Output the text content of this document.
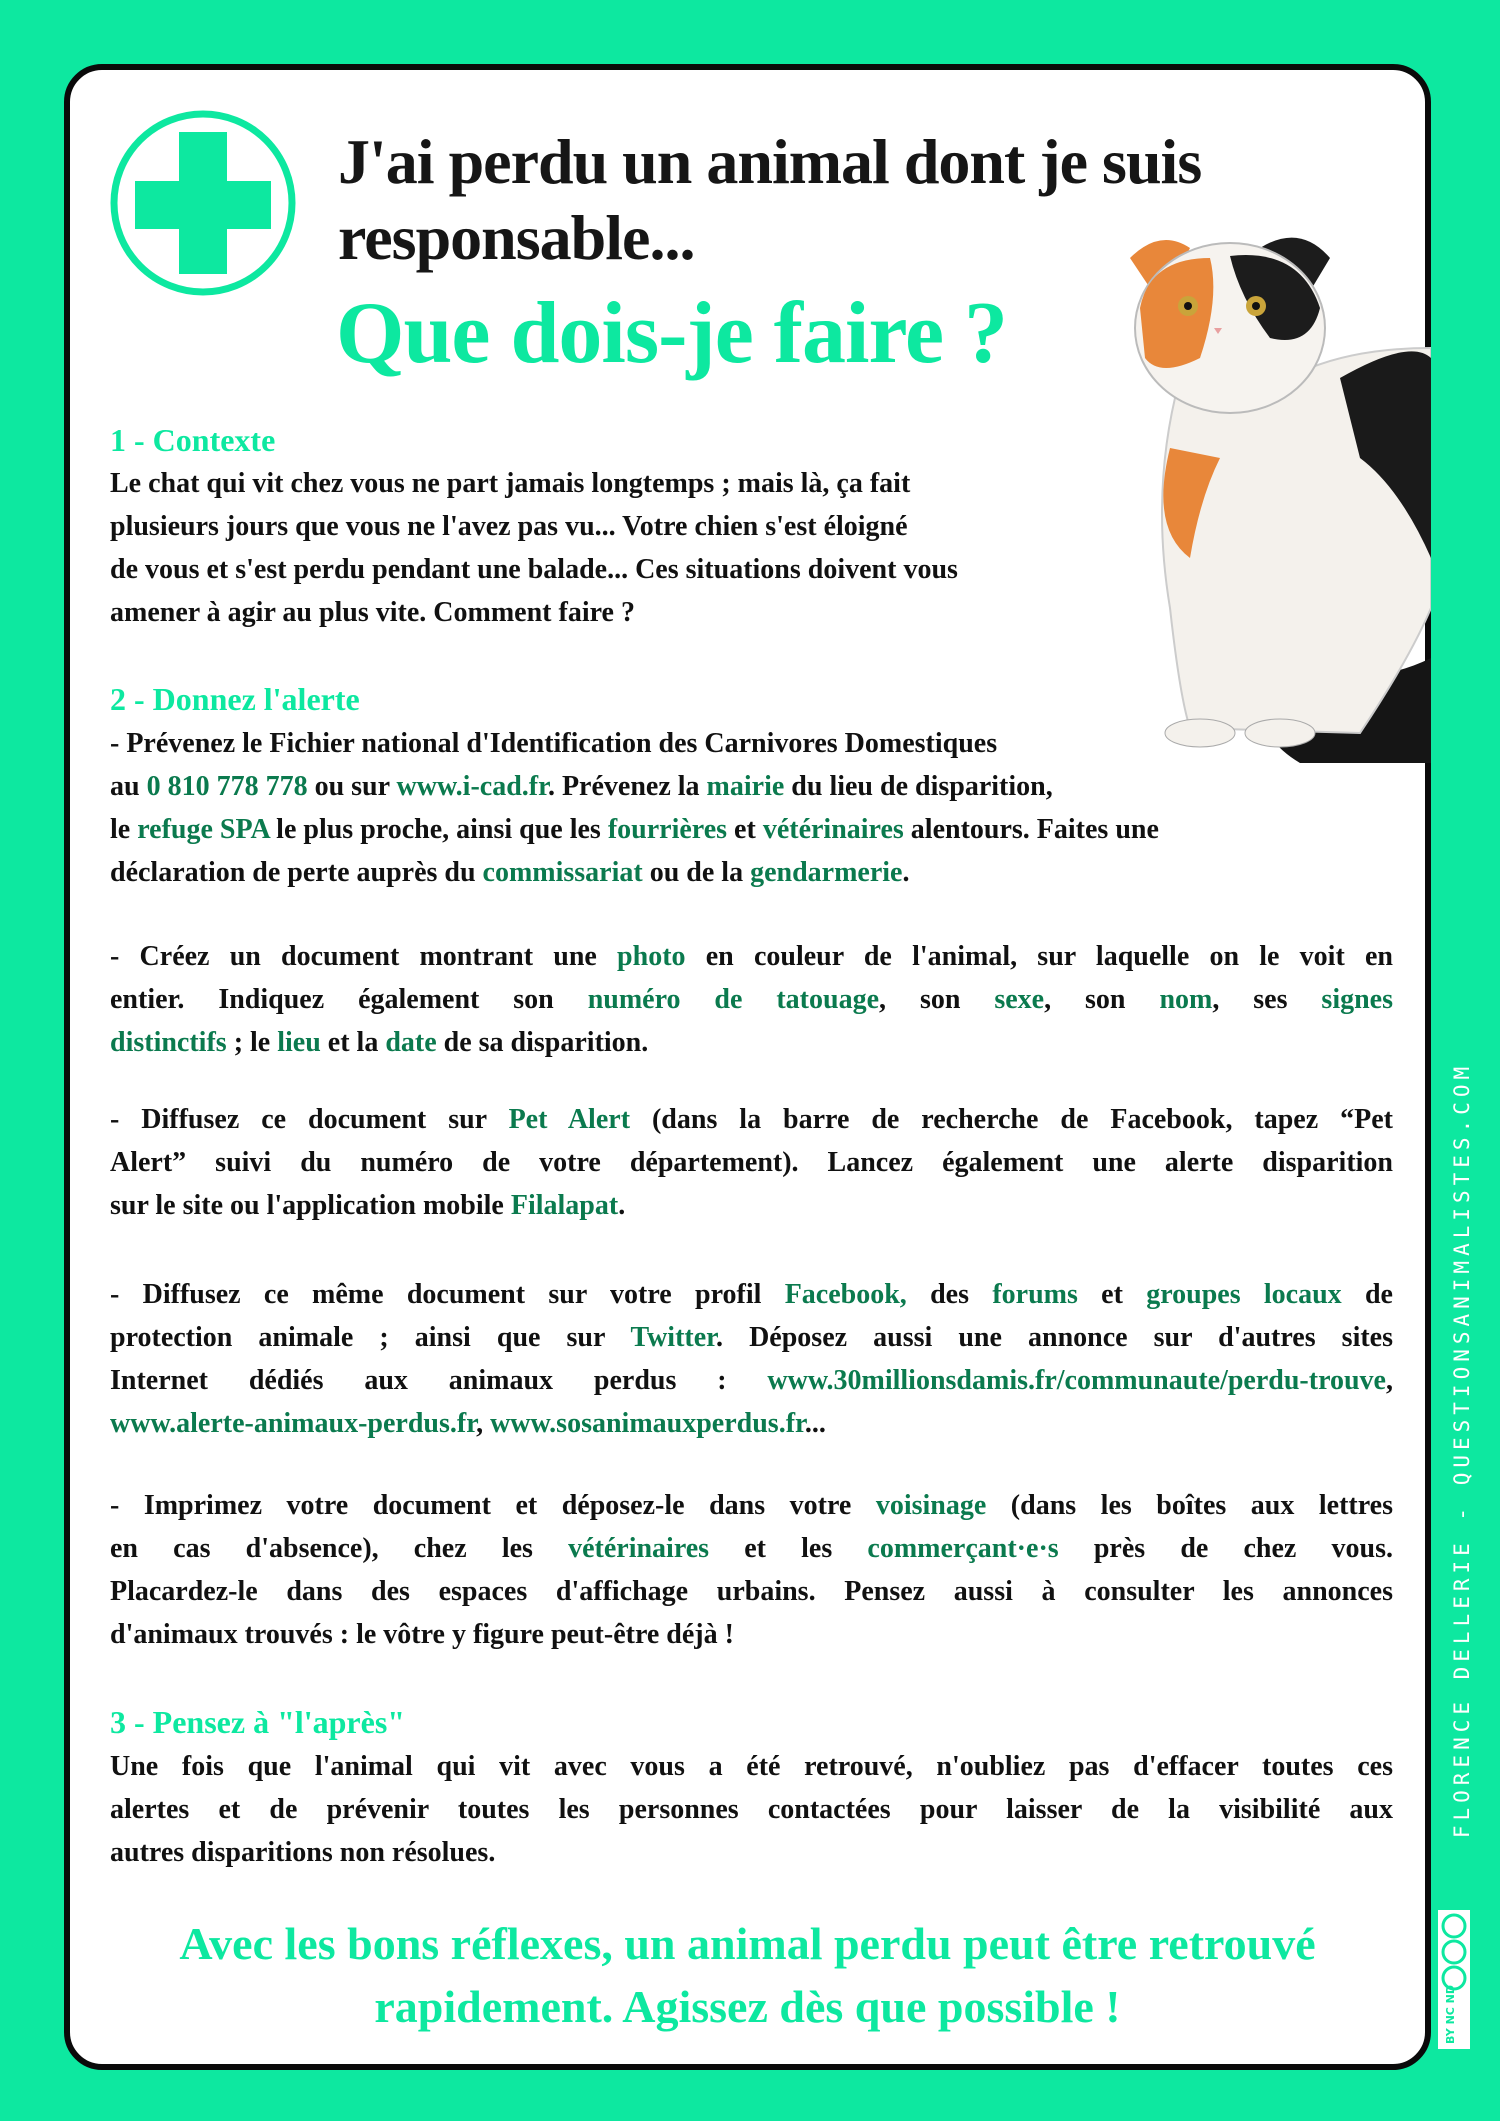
J'ai perdu un animal dont je suis
responsable...
Que dois-je faire ?
1 - Contexte
Le chat qui vit chez vous ne part jamais longtemps ; mais là, ça fait
plusieurs jours que vous ne l'avez pas vu... Votre chien s'est éloigné
de vous et s'est perdu pendant une balade... Ces situations doivent vous
amener à agir au plus vite. Comment faire ?
2 - Donnez l'alerte
- Prévenez le Fichier national d'Identification des Carnivores Domestiques
au 0 810 778 778 ou sur www.i-cad.fr. Prévenez la mairie du lieu de disparition,
le refuge SPA le plus proche, ainsi que les fourrières et vétérinaires alentours. Faites une
déclaration de perte auprès du commissariat ou de la gendarmerie.
- Créez un document montrant une photo en couleur de l'animal, sur laquelle on le voit en
entier. Indiquez également son numéro de tatouage, son sexe, son nom, ses signes
distinctifs ; le lieu et la date de sa disparition.
- Diffusez ce document sur Pet Alert (dans la barre de recherche de Facebook, tapez “Pet
Alert” suivi du numéro de votre département). Lancez également une alerte disparition
sur le site ou l'application mobile Filalapat.
- Diffusez ce même document sur votre profil Facebook, des forums et groupes locaux de
protection animale ; ainsi que sur Twitter. Déposez aussi une annonce sur d'autres sites
Internet dédiés aux animaux perdus : www.30millionsdamis.fr/communaute/perdu-trouve,
www.alerte-animaux-perdus.fr, www.sosanimauxperdus.fr...
- Imprimez votre document et déposez-le dans votre voisinage (dans les boîtes aux lettres
en cas d'absence), chez les vétérinaires et les commerçant·e·s près de chez vous.
Placardez-le dans des espaces d'affichage urbains. Pensez aussi à consulter les annonces
d'animaux trouvés : le vôtre y figure peut-être déjà !
3 - Pensez à "l'après"
Une fois que l'animal qui vit avec vous a été retrouvé, n'oubliez pas d'effacer toutes ces
alertes et de prévenir toutes les personnes contactées pour laisser de la visibilité aux
autres disparitions non résolues.
Avec les bons réflexes, un animal perdu peut être retrouvé
rapidement. Agissez dès que possible !
FLORENCE DELLERIE - QUESTIONSANIMALISTES.COM
BY NC ND
